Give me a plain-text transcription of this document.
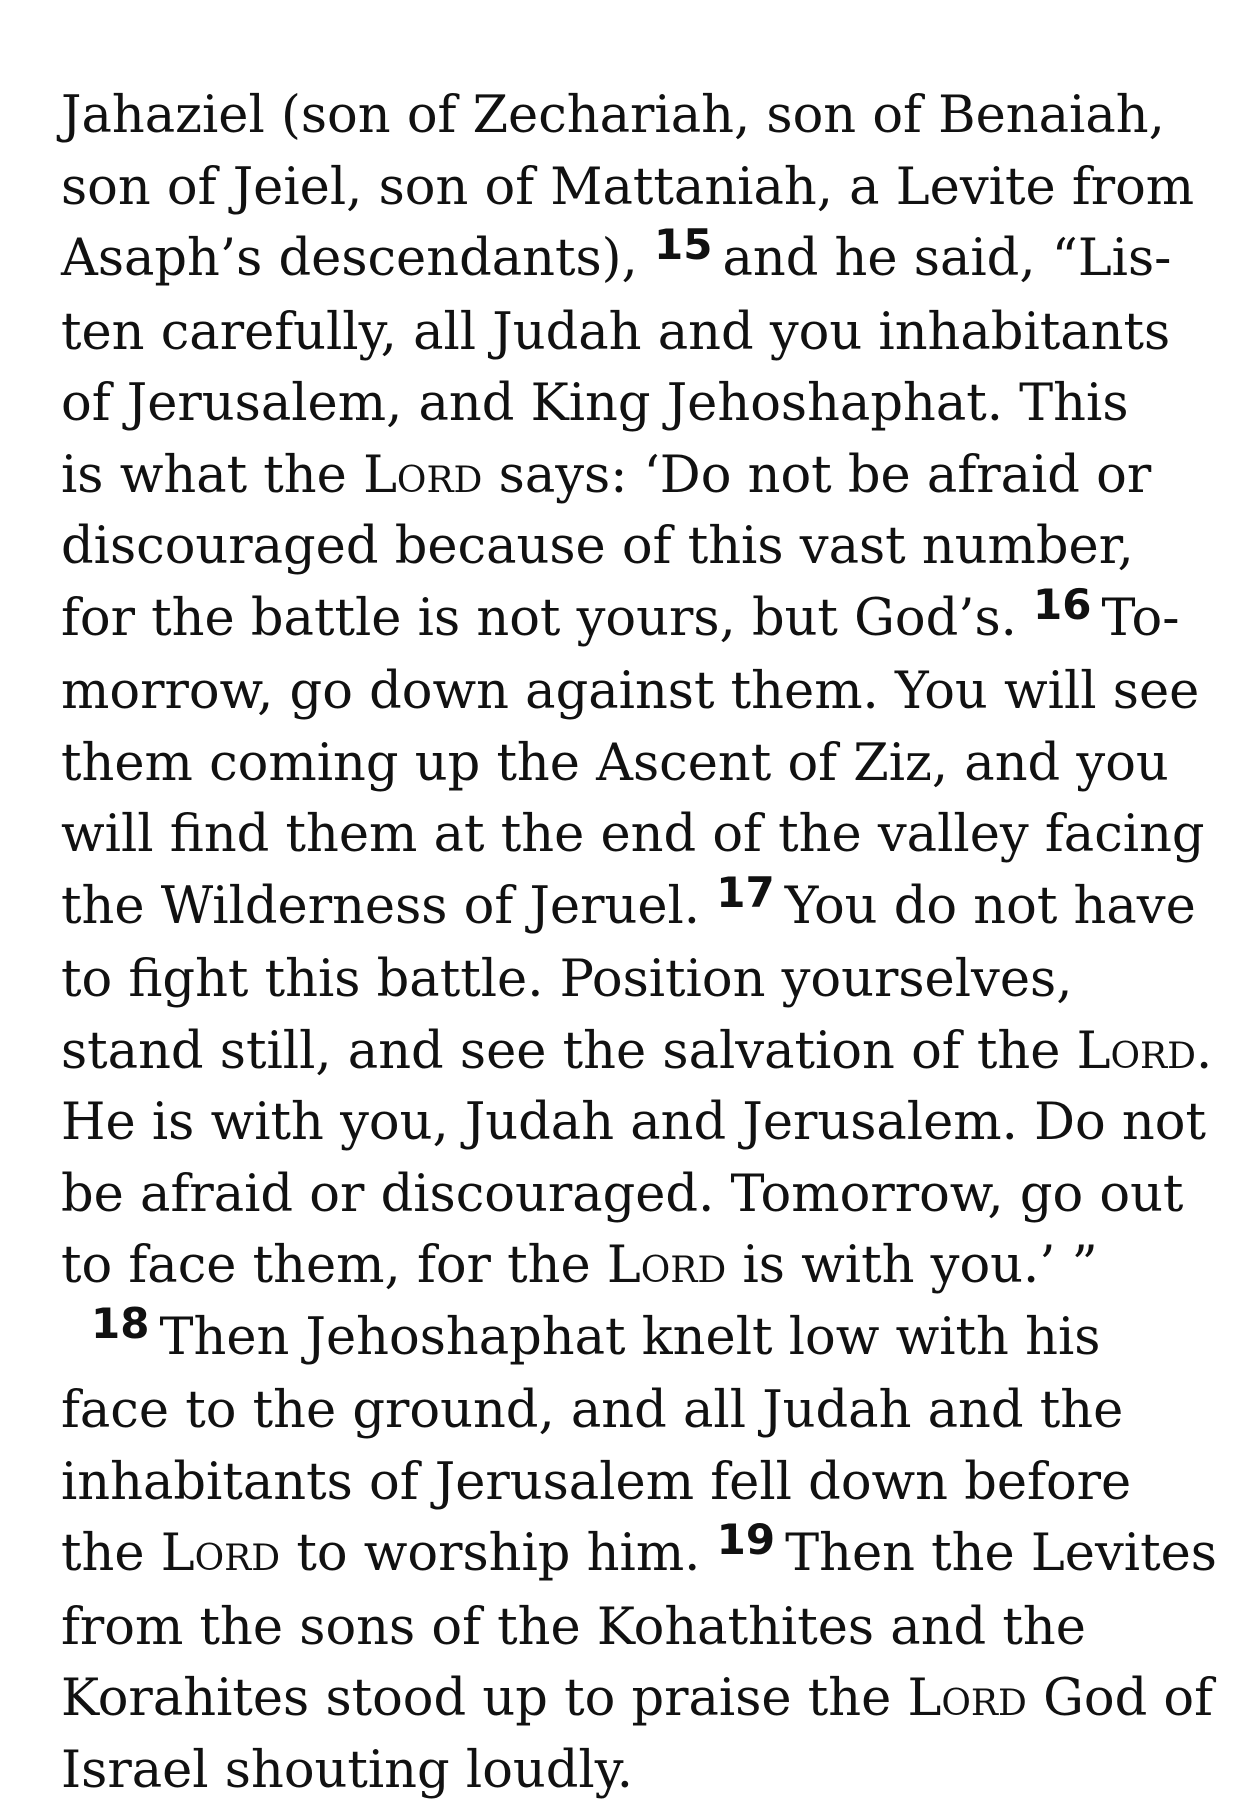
Jahaziel (son of Zechariah, son of Benaiah,
son of Jeiel, son of Mattaniah, a Levite from
Asaph’s descendants), $^{15}$ and he said, “Lis-
ten carefully, all Judah and you inhabitants
of Jerusalem, and King Jehoshaphat. This
is what the Lord says: ‘Do not be afraid or
discouraged because of this vast number,
for the battle is not yours, but God’s. $^{16}$ To-
morrow, go down against them. You will see
them coming up the Ascent of Ziz, and you
will find them at the end of the valley facing
the Wilderness of Jeruel. $^{17}$ You do not have
to fight this battle. Position yourselves,
stand still, and see the salvation of the Lord.
He is with you, Judah and Jerusalem. Do not
be afraid or discouraged. Tomorrow, go out
to face them, for the Lord is with you.’ ”
$^{18}$ Then Jehoshaphat knelt low with his
face to the ground, and all Judah and the
inhabitants of Jerusalem fell down before
the Lord to worship him. $^{19}$ Then the Levites
from the sons of the Kohathites and the
Korahites stood up to praise the Lord God of
Israel shouting loudly.
